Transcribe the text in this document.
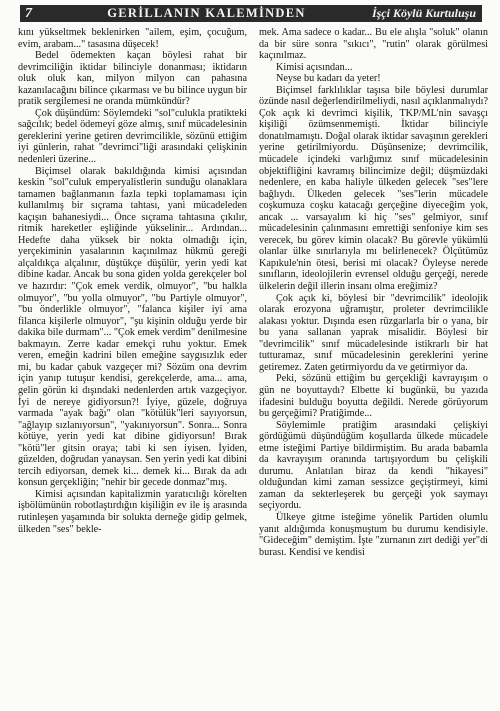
7	GERİLLANIN KALEMİNDEN	İşçi Köylü Kurtuluşu

kını yükseltmek beklenirken "ailem, eşim, çocuğum, evim, arabam..." tasasına düşecek!

Bedel ödemekten kaçan böylesi rahat bir devrimciliğin iktidar bilinciyle donanması; iktidarın oluk oluk kan, milyon milyon can pahasına kazanılacağını bilince çıkarması ve bu bilince uygun bir pratik sergilemesi ne oranda mümkündür?

Çok düşündüm: Söylemdeki "sol"culukla pratikteki sağcılık; bedel ödemeyi göze almış, sınıf mücadelesinin gereklerini yerine getiren devrimcilikle, sözünü ettiğim iyi günlerin, rahat "devrimci"liği arasındaki çelişkinin nedenleri üzerine...

Biçimsel olarak bakıldığında kimisi açısından keskin "sol"culuk emperyalistlerin sunduğu olanaklara tamamen bağlanmanın fazla tepki toplamaması için kullanılmış bir sıçrama tahtası, yani mücadeleden kaçışın bahanesiydi... Önce sıçrama tahtasına çıkılır, ritmik hareketler eşliğinde yükselinir... Ardından... Hedefte daha yüksek bir nokta olmadığı için, yerçekiminin yasalarının kaçınılmaz hükmü gereği alçaldıkça alçalınır, düştükçe düşülür, yerin yedi kat dibine kadar. Ancak bu sona giden yolda gerekçeler bol ve hazırdır: "Çok emek verdik, olmuyor", "bu halkla olmuyor", "bu yolla olmuyor", "bu Partiyle olmuyor", "bu önderlikle olmuyor", "falanca kişiler iyi ama filanca kişilerle olmuyor", "şu kişinin olduğu yerde bir dakika bile durmam"... "Çok emek verdim" denilmesine bakmayın. Zerre kadar emekçi ruhu yoktur. Emek veren, emeğin kadrini bilen emeğine saygısızlık eder mi, bu kadar çabuk vazgeçer mi? Sözüm ona devrim için yanıp tutuşur kendisi, gerekçelerde, ama... ama, gelin görün ki dışındaki nedenlerden artık vazgeçiyor. İyi de nereye gidiyorsun?! İyiye, güzele, doğruya varmada "ayak bağı" olan "kötülük"leri sayıyorsun, "ağlayıp sızlanıyorsun", "yakınıyorsun". Sonra... Sonra kötüye, yerin yedi kat dibine gidiyorsun! Bırak "kötü"ler gitsin oraya; tabi ki sen iyisen. İyiden, güzelden, doğrudan yanaysan. Sen yerin yedi kat dibini tercih ediyorsan, demek ki... demek ki... Bırak da adı konsun gerçekliğin; "nehir bir gecede donmaz"mış.

Kimisi açısından kapitalizmin yaratıcılığı körelten işbölümünün robotlaştırdığın kişiliğin ev ile iş arasında rutinleşen yaşamında bir solukta derneğe gidip gelmek, ülkeden "ses" bekle-

mek. Ama sadece o kadar... Bu ele alışla "soluk" olanın da bir süre sonra "sıkıcı", "rutin" olarak görülmesi kaçınılmaz.

Kimisi açısından...

Neyse bu kadarı da yeter!

Biçimsel farklılıklar taşısa bile böylesi durumlar özünde nasıl değerlendirilmeliydi, nasıl açıklanmalıydı? Çok açık ki devrimci kişilik, TKP/ML'nin savaşçı kişiliği özümsenmemişti. İktidar bilinciyle donatılmamıştı. Doğal olarak iktidar savaşının gerekleri yerine getirilmiyordu. Düşünsenize; devrimcilik, mücadele içindeki varlığımız sınıf mücadelesinin objektifliğini kavramış bilincimize değil; düşmüzdaki nedenlere, en kaba haliyle ülkeden gelecek "ses"lere bağlıydı. Ülkeden gelecek "ses"lerin mücadele coşkumuza coşku katacağı gerçeğine diyeceğim yok, ancak ... varsayalım ki hiç "ses" gelmiyor, sınıf mücadelesinin çalınmasını emrettiği senfoniye kim ses verecek, bu görev kimin olacak? Bu görevle yükümlü olanlar ülke sınırlarıyla mı belirlenecek? Ölçütümüz Kapıkule'nin ötesi, berisi mi olacak? Öyleyse nerede sınıfların, ideolojilerin evrensel olduğu gerçeği, nerede ülkelerin değil illerin insanı olma ereğimiz?

Çok açık ki, böylesi bir "devrimcilik" ideolojik olarak erozyona uğramıştır, proleter devrimcilikle alakası yoktur. Dışında esen rüzgarlarla bir o yana, bir bu yana sallanan yaprak misalidir. Böylesi bir "devrimcilik" sınıf mücadelesinde istikrarlı bir hat tutturamaz, sınıf mücadelesinin gereklerini yerine getiremez. Zaten getirmiyordu da ve getirmiyor da.

Peki, sözünü ettiğim bu gerçekliği kavrayışım o gün ne boyuttaydı? Elbette ki bugünkü, bu yazıda ifadesini bulduğu boyutta değildi. Nerede görüyorum bu gerçeğimi? Pratiğimde...

Söylemimle pratiğim arasındaki çelişkiyi gördüğümü düşündüğüm koşullarda ülkede mücadele etme isteğimi Partiye bildirmiştim. Bu arada babamla da kavrayışım oranında tartışıyordum bu çelişkili durumu. Anlatılan biraz da kendi "hikayesi" olduğundan kimi zaman sessizce geçiştirmeyi, kimi zaman da sekterleşerek bu gerçeği yok saymayı seçiyordu.

Ülkeye gitme isteğime yönelik Partiden olumlu yanıt aldığımda konuşmuştum bu durumu kendisiyle. "Gideceğim" demiştim. İşte "zurnanın zırt dediği yer"di burası. Kendisi ve kendisi
